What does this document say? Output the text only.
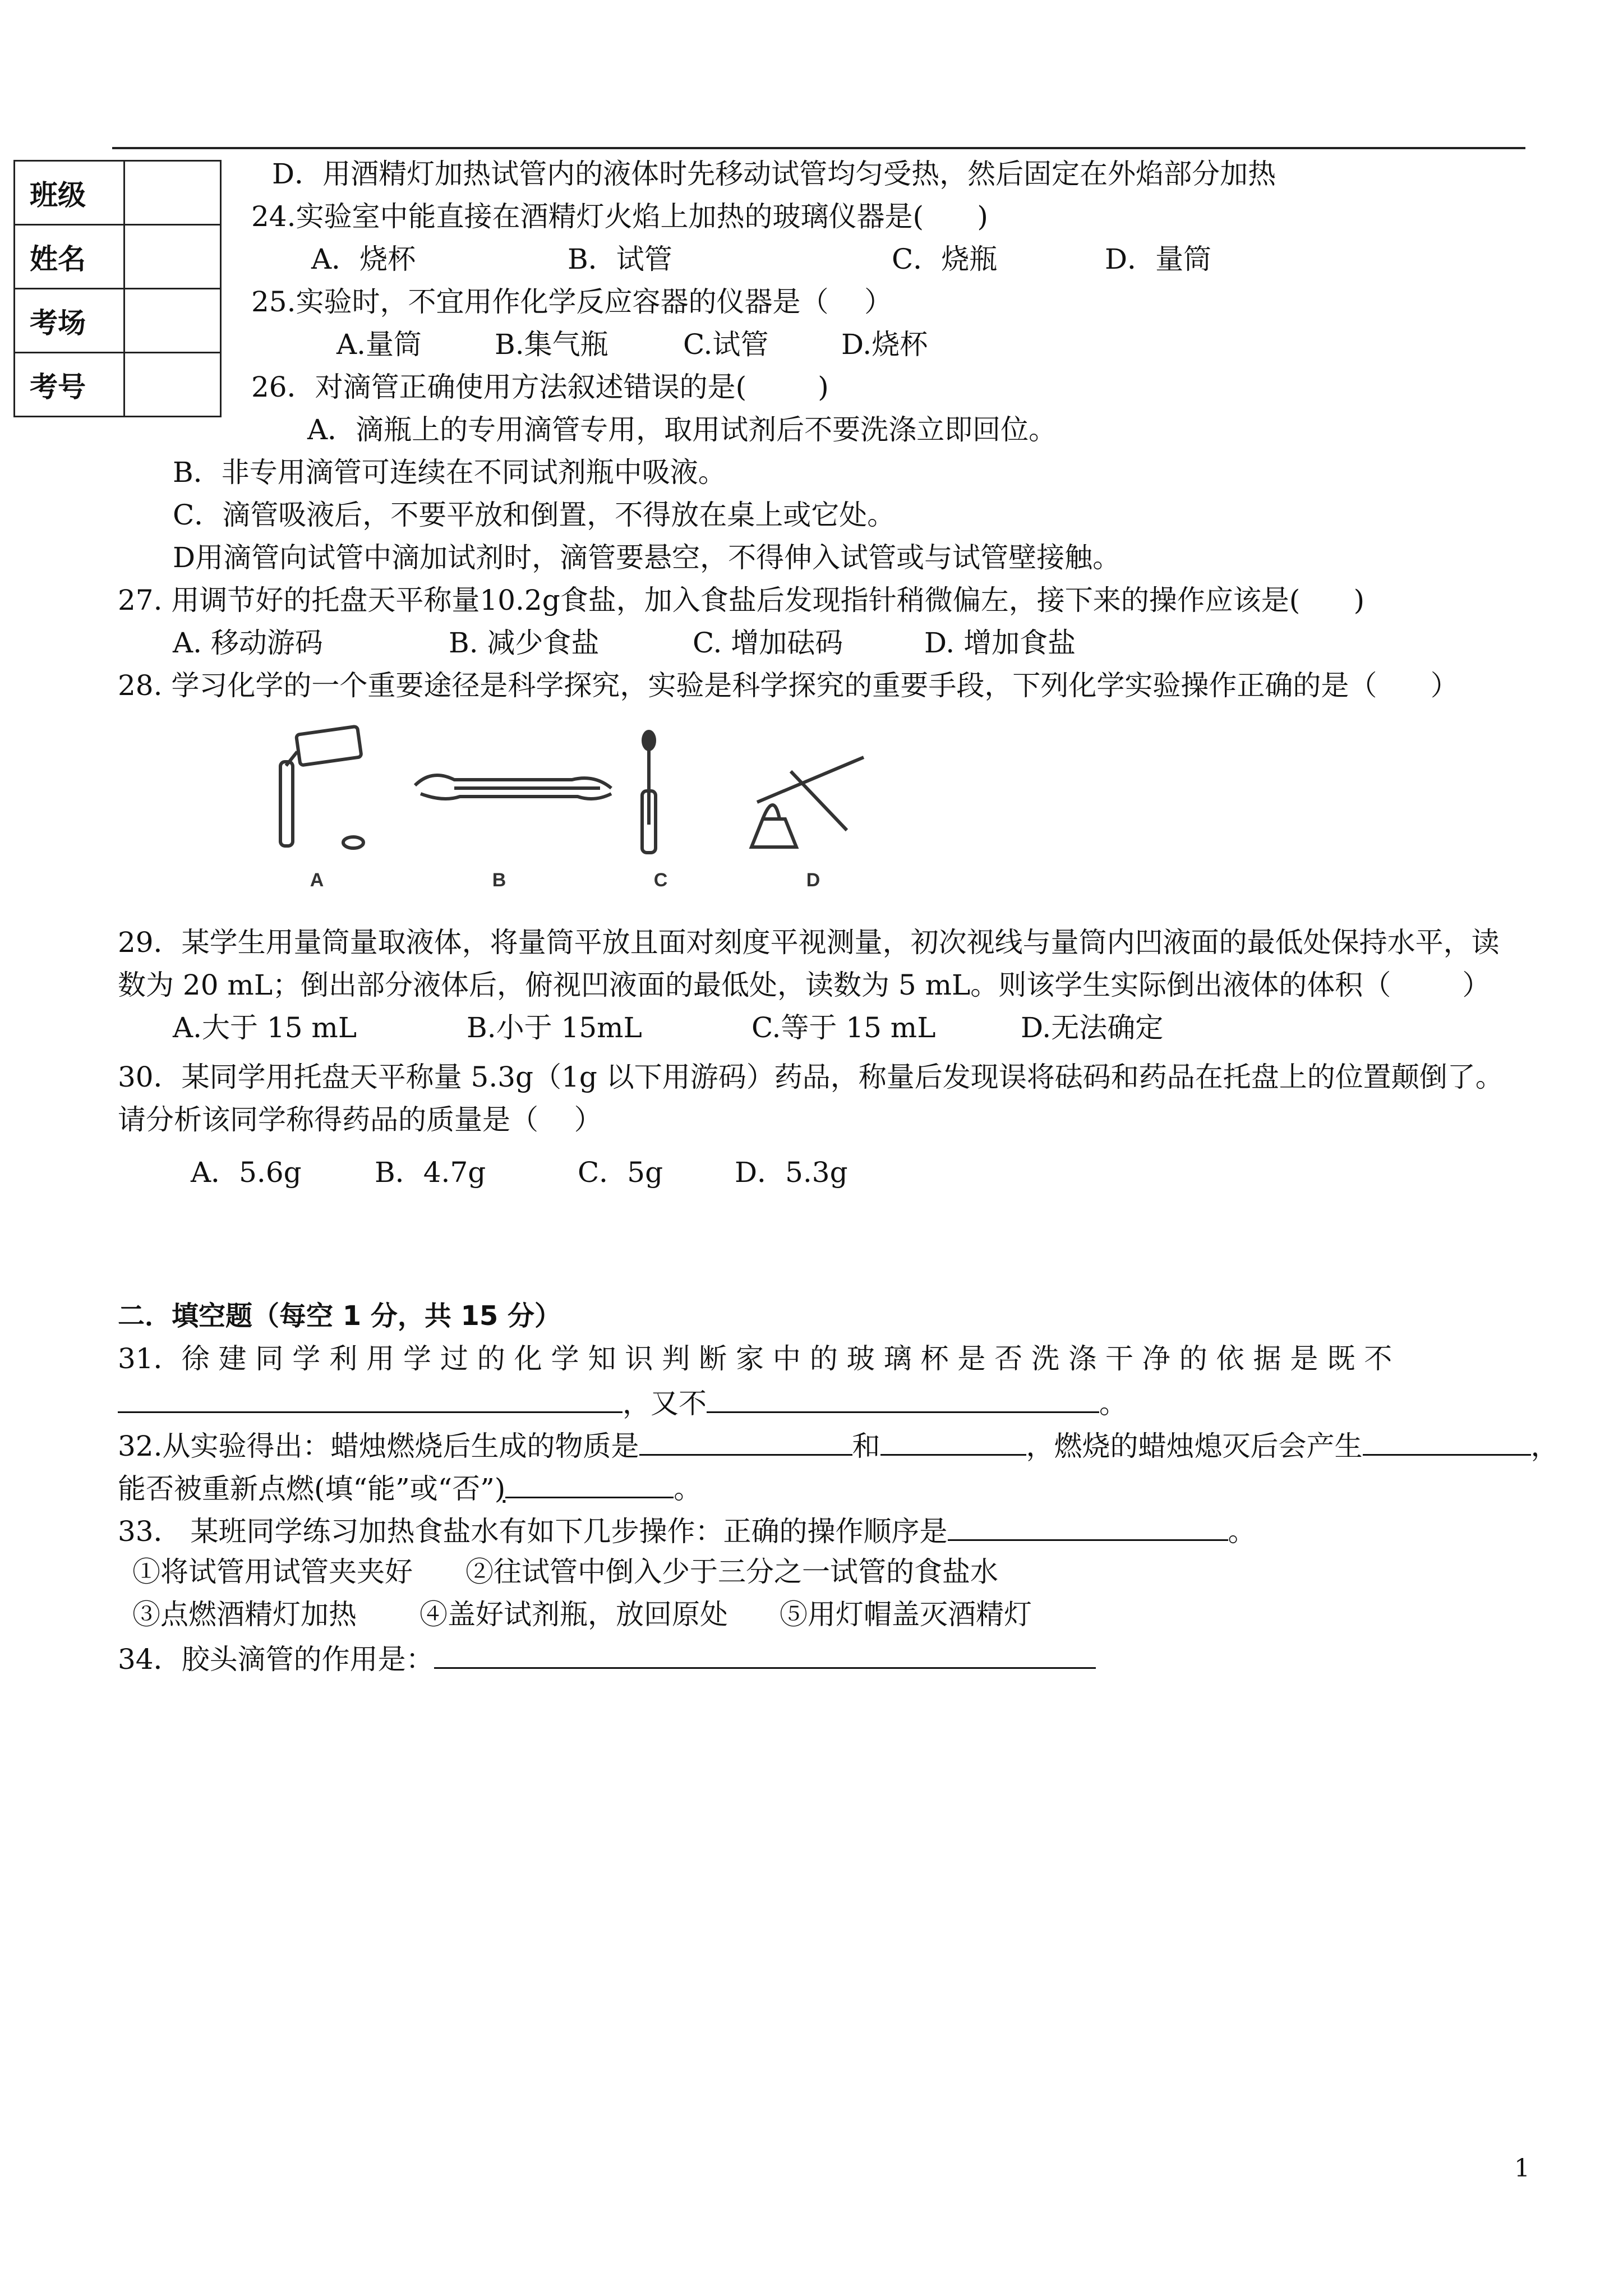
班级	
姓名	
考场	
考号	
D．用酒精灯加热试管内的液体时先移动试管均匀受热，然后固定在外焰部分加热
24.实验室中能直接在酒精灯火焰上加热的玻璃仪器是(      )
A．烧杯	B．试管	C．烧瓶	D．量筒
25.实验时，不宜用作化学反应容器的仪器是（    ）
A.量筒	B.集气瓶	C.试管	D.烧杯
26．对滴管正确使用方法叙述错误的是(        )
A．滴瓶上的专用滴管专用，取用试剂后不要洗涤立即回位。
B．非专用滴管可连续在不同试剂瓶中吸液。
C．滴管吸液后，不要平放和倒置，不得放在桌上或它处。
D用滴管向试管中滴加试剂时，滴管要悬空，不得伸入试管或与试管壁接触。
27. 用调节好的托盘天平称量10.2g食盐，加入食盐后发现指针稍微偏左，接下来的操作应该是(      )
A. 移动游码	B. 减少食盐	C. 增加砝码	D. 增加食盐
28. 学习化学的一个重要途径是科学探究，实验是科学探究的重要手段，下列化学实验操作正确的是（      ）
A	B	C	D
29．某学生用量筒量取液体，将量筒平放且面对刻度平视测量，初次视线与量筒内凹液面的最低处保持水平，读
数为 20 mL；倒出部分液体后，俯视凹液面的最低处，读数为 5 mL。则该学生实际倒出液体的体积（        ）
A.大于 15 mL	B.小于 15mL	C.等于 15 mL	D.无法确定
30．某同学用托盘天平称量 5.3g（1g 以下用游码）药品，称量后发现误将砝码和药品在托盘上的位置颠倒了。
请分析该同学称得药品的质量是（    ）
A．5.6g	B．4.7g	C．5g	D．5.3g
二．填空题（每空 1 分，共 15 分）
31．徐 建 同 学 利 用 学 过 的 化 学 知 识 判 断 家 中 的 玻 璃 杯 是 否 洗 涤 干 净 的 依 据 是 既 不
，又不	。
32.从实验得出：蜡烛燃烧后生成的物质是	和	，燃烧的蜡烛熄灭后会产生	，
能否被重新点燃(填“能”或“否”)	。
33． 某班同学练习加热食盐水有如下几步操作：正确的操作顺序是	。
①将试管用试管夹夹好 ②往试管中倒入少于三分之一试管的食盐水
③点燃酒精灯加热 ④盖好试剂瓶，放回原处 ⑤用灯帽盖灭酒精灯
34．胶头滴管的作用是：
1
